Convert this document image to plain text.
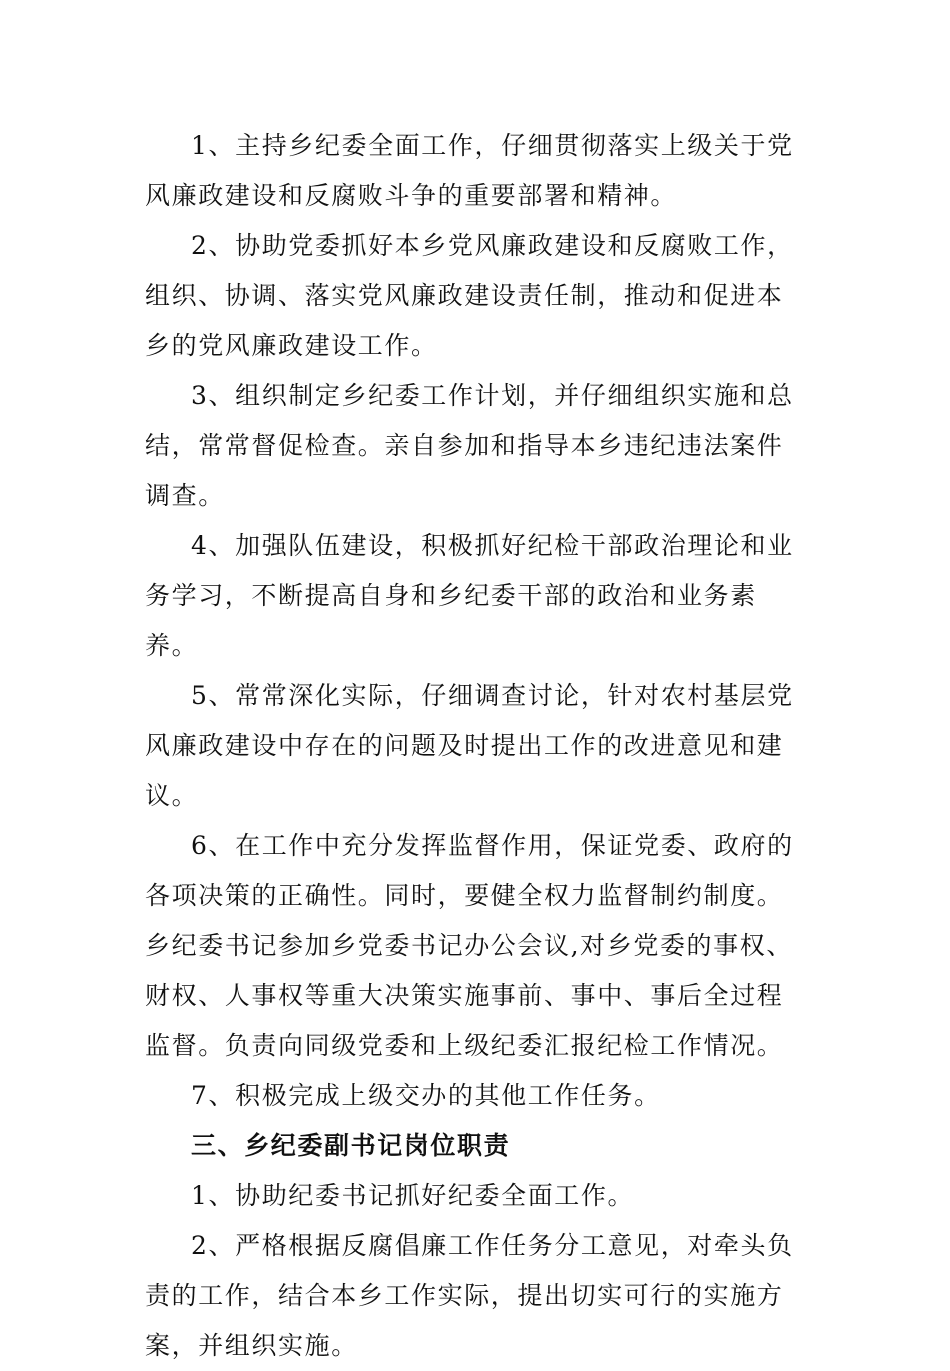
1、主持乡纪委全面工作，仔细贯彻落实上级关于党风廉政建设和反腐败斗争的重要部署和精神。

2、协助党委抓好本乡党风廉政建设和反腐败工作，组织、协调、落实党风廉政建设责任制，推动和促进本乡的党风廉政建设工作。

3、组织制定乡纪委工作计划，并仔细组织实施和总结，常常督促检查。亲自参加和指导本乡违纪违法案件调查。

4、加强队伍建设，积极抓好纪检干部政治理论和业务学习，不断提高自身和乡纪委干部的政治和业务素养。

5、常常深化实际，仔细调查讨论，针对农村基层党风廉政建设中存在的问题及时提出工作的改进意见和建议。

6、在工作中充分发挥监督作用，保证党委、政府的各项决策的正确性。同时，要健全权力监督制约制度。乡纪委书记参加乡党委书记办公会议,对乡党委的事权、财权、人事权等重大决策实施事前、事中、事后全过程监督。负责向同级党委和上级纪委汇报纪检工作情况。

7、积极完成上级交办的其他工作任务。

三、乡纪委副书记岗位职责

1、协助纪委书记抓好纪委全面工作。

2、严格根据反腐倡廉工作任务分工意见，对牵头负责的工作，结合本乡工作实际，提出切实可行的实施方案，并组织实施。
